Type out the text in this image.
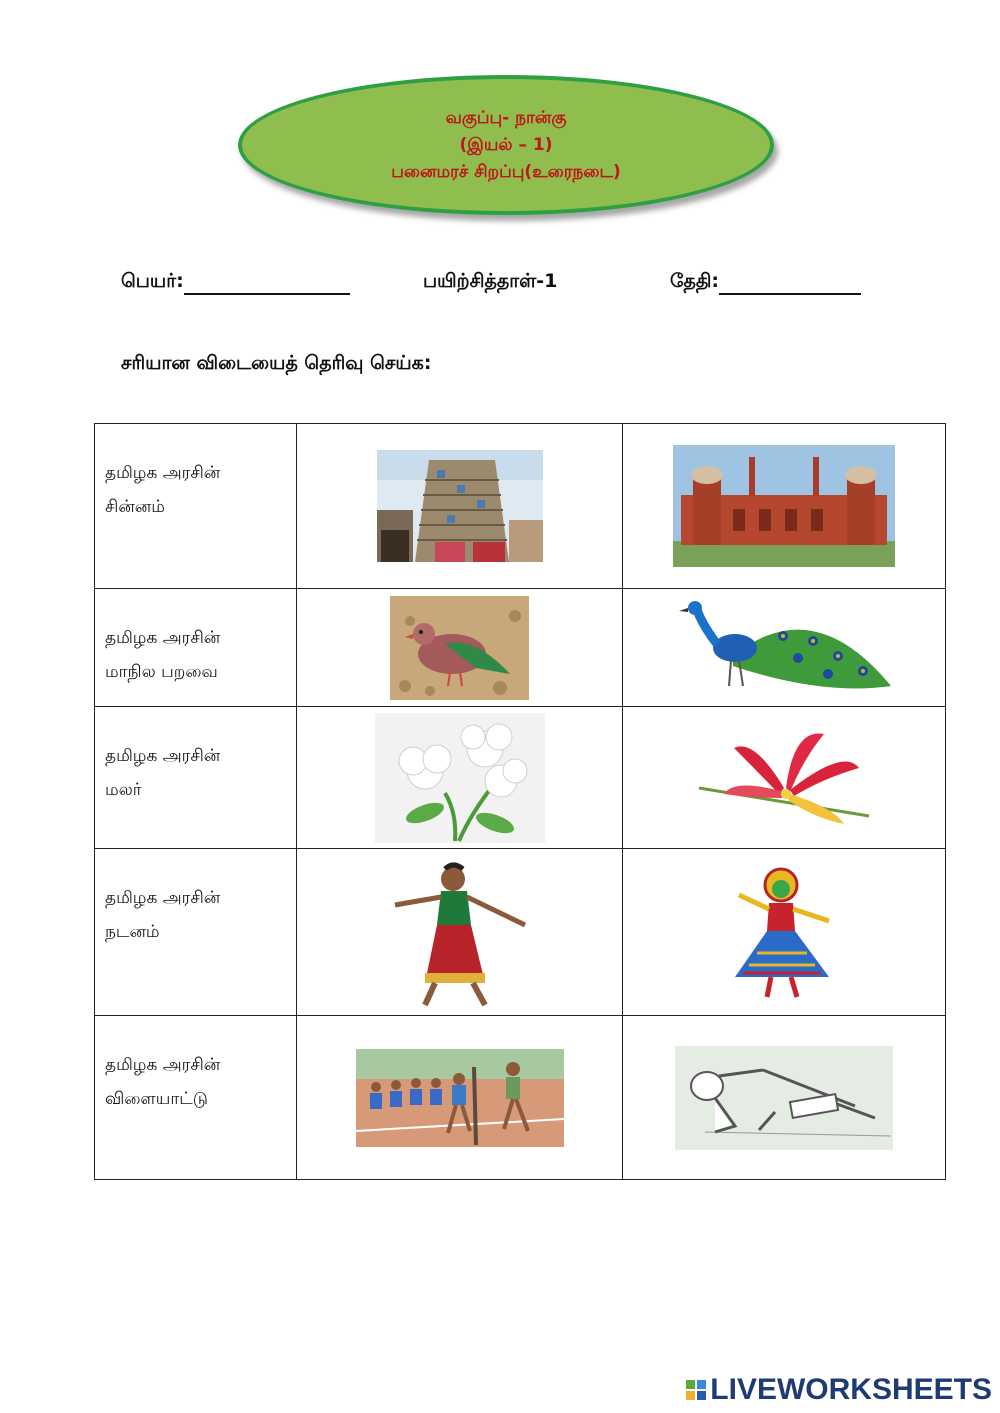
வகுப்பு- நான்கு
(இயல் – 1)
பனைமரச் சிறப்பு(உரைநடை)
பெயர்:	பயிற்சித்தாள்-1	தேதி:
சரியான விடையைத் தெரிவு செய்க:
தமிழக அரசின்
சின்னம்

தமிழக அரசின்
மாநில பறவை

தமிழக அரசின்
மலர்

தமிழக அரசின்
நடனம்

தமிழக அரசின்
விளையாட்டு

LIVEWORKSHEETS
